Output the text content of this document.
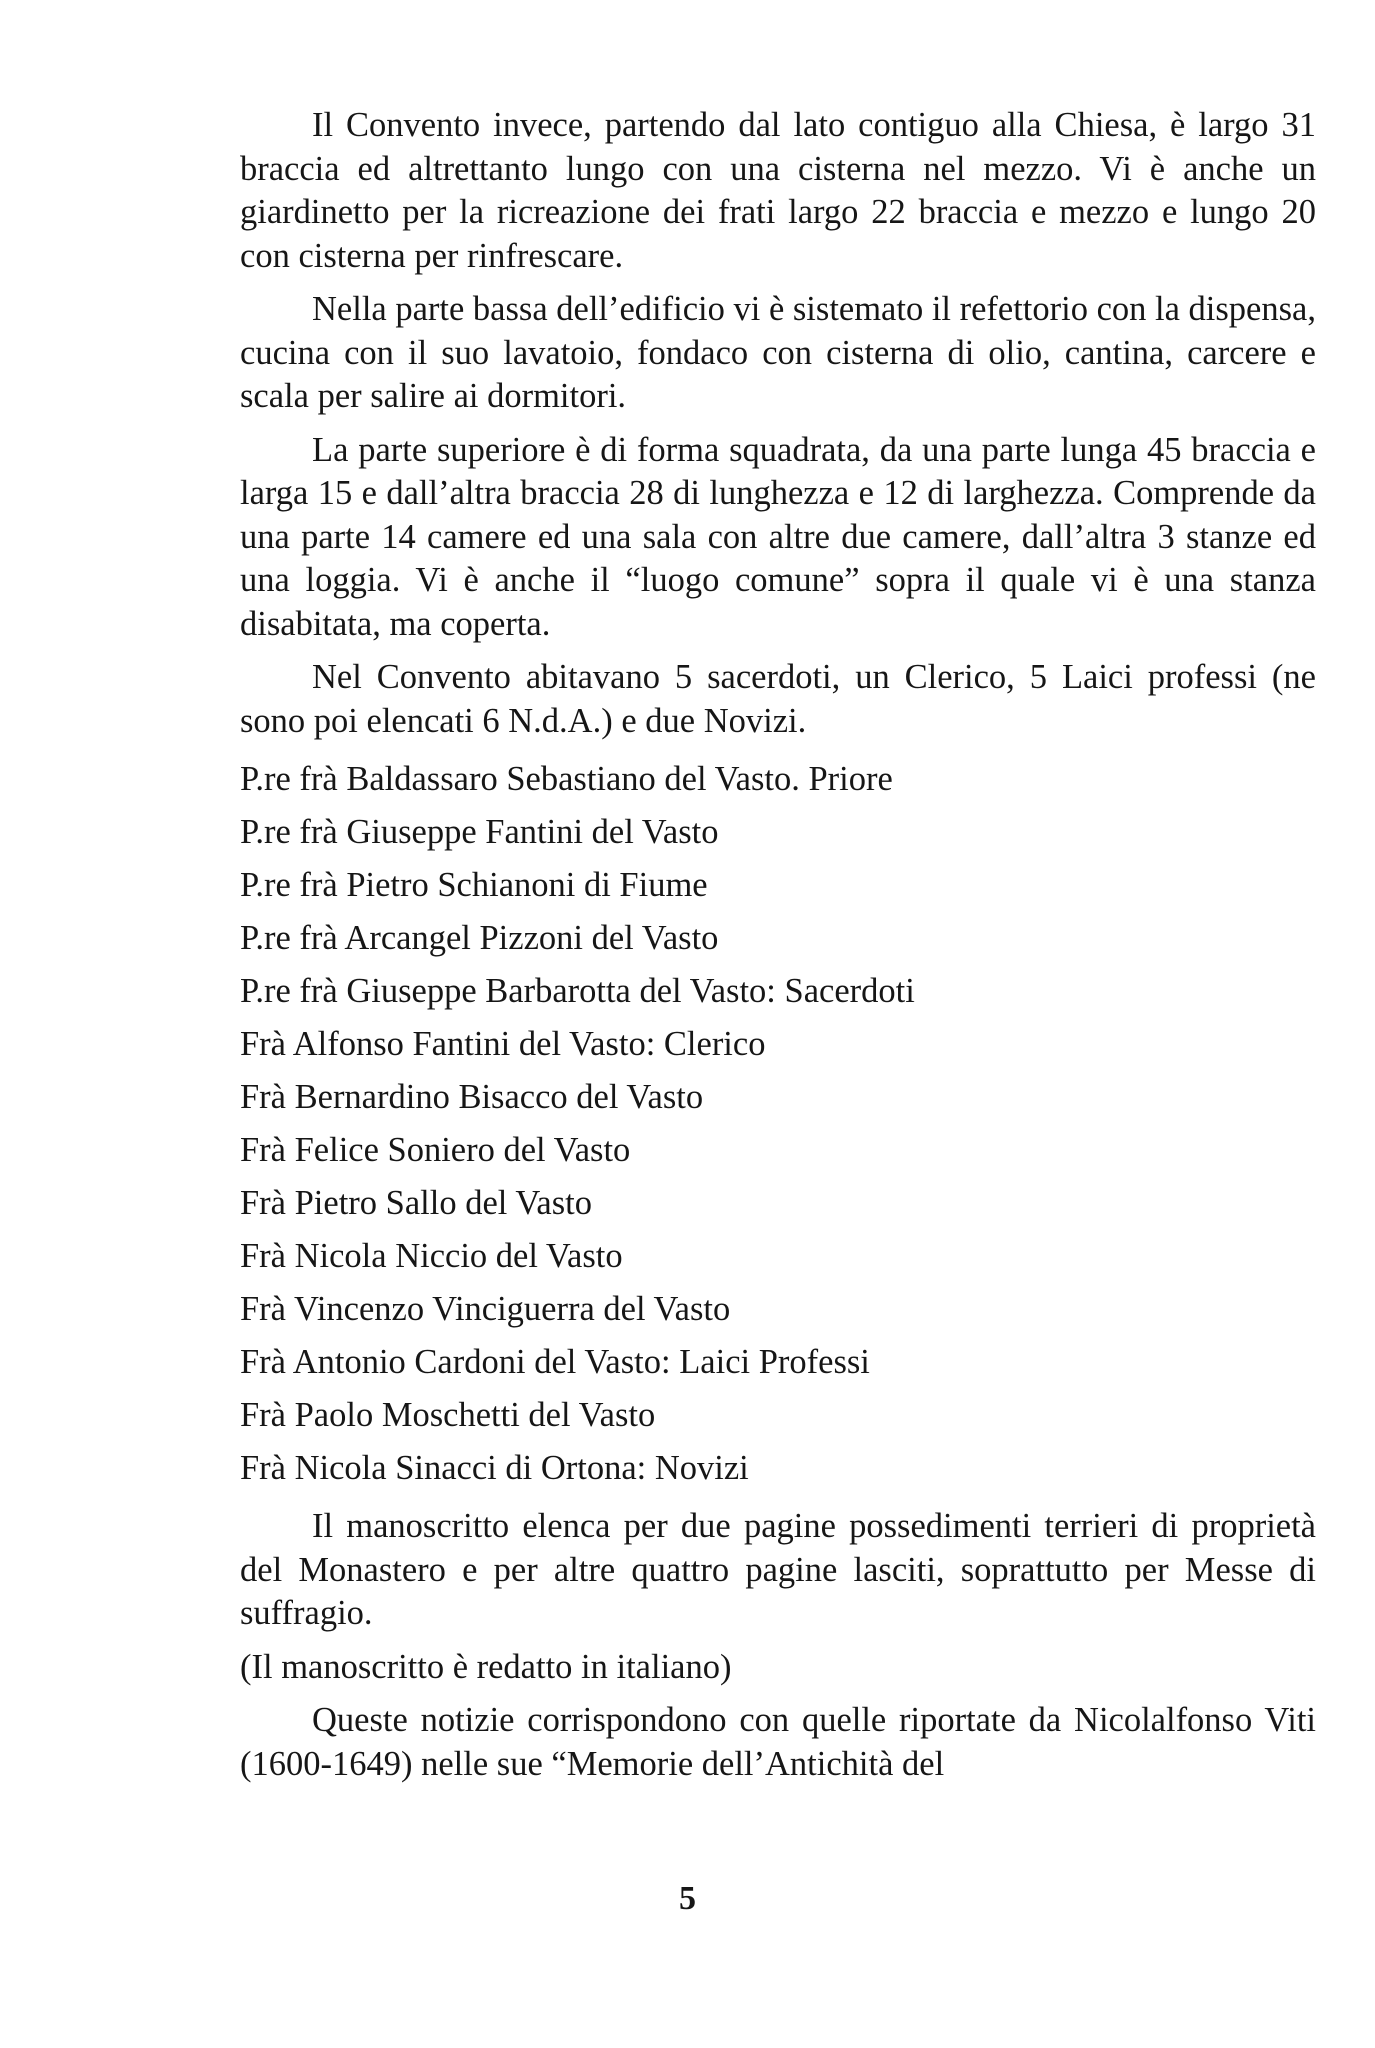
Il Convento invece, partendo dal lato contiguo alla Chiesa, è largo 31 braccia ed altrettanto lungo con una cisterna nel mezzo. Vi è anche un giardinetto per la ricreazione dei frati largo 22 braccia e mezzo e lungo 20 con cisterna per rinfrescare.

Nella parte bassa dell’edificio vi è sistemato il refettorio con la dispensa, cucina con il suo lavatoio, fondaco con cisterna di olio, cantina, carcere e scala per salire ai dormitori.

La parte superiore è di forma squadrata, da una parte lunga 45 braccia e larga 15 e dall’altra braccia 28 di lunghezza e 12 di larghezza. Comprende da una parte 14 camere ed una sala con altre due camere, dall’altra 3 stanze ed una loggia. Vi è anche il “luogo comune” sopra il quale vi è una stanza disabitata, ma coperta.

Nel Convento abitavano 5 sacerdoti, un Clerico, 5 Laici professi (ne sono poi elencati 6 N.d.A.) e due Novizi.

P.re frà Baldassaro Sebastiano del Vasto. Priore
P.re frà Giuseppe Fantini del Vasto
P.re frà Pietro Schianoni di Fiume
P.re frà Arcangel Pizzoni del Vasto
P.re frà Giuseppe Barbarotta del Vasto: Sacerdoti
Frà Alfonso Fantini del Vasto: Clerico
Frà Bernardino Bisacco del Vasto
Frà Felice Soniero del Vasto
Frà Pietro Sallo del Vasto
Frà Nicola Niccio del Vasto
Frà Vincenzo Vinciguerra del Vasto
Frà Antonio Cardoni del Vasto: Laici Professi
Frà Paolo Moschetti del Vasto
Frà Nicola Sinacci di Ortona: Novizi

Il manoscritto elenca per due pagine possedimenti terrieri di proprietà del Monastero e per altre quattro pagine lasciti, soprattutto per Messe di suffragio.

(Il manoscritto è redatto in italiano)

Queste notizie corrispondono con quelle riportate da Nicolalfonso Viti (1600-1649) nelle sue “Memorie dell’Antichità del

5
